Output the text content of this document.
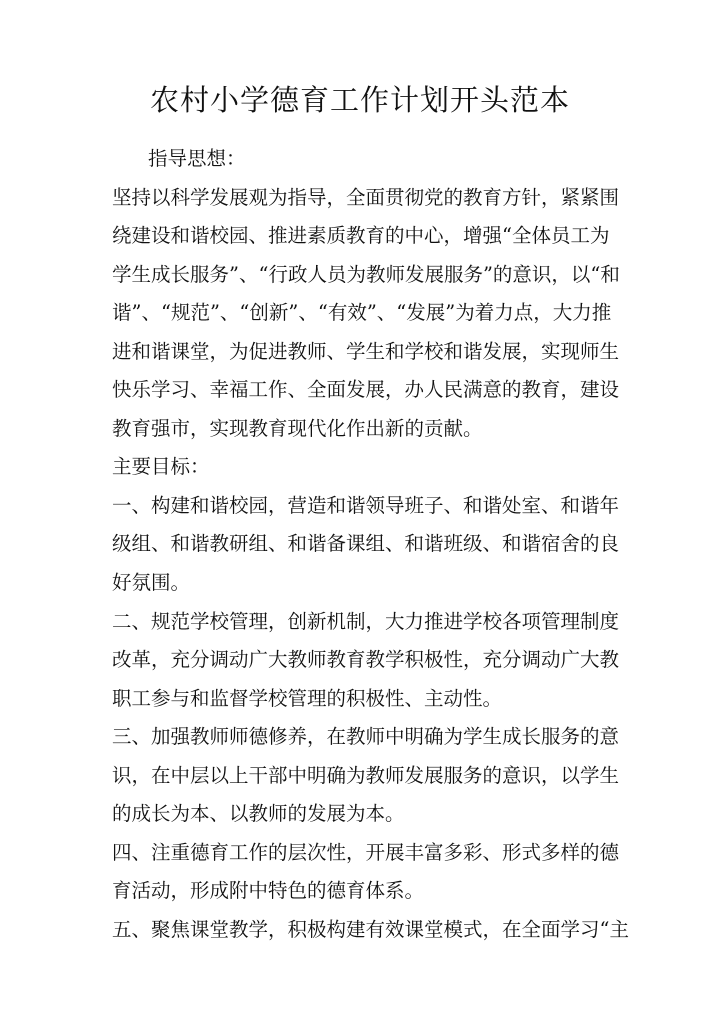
农村小学德育工作计划开头范本
指导思想：
坚持以科学发展观为指导，全面贯彻党的教育方针，紧紧围
绕建设和谐校园、推进素质教育的中心，增强“全体员工为
学生成长服务”、“行政人员为教师发展服务”的意识，以“和
谐”、“规范”、“创新”、“有效”、“发展”为着力点，大力推
进和谐课堂，为促进教师、学生和学校和谐发展，实现师生
快乐学习、幸福工作、全面发展，办人民满意的教育，建设
教育强市，实现教育现代化作出新的贡献。
主要目标：
一、构建和谐校园，营造和谐领导班子、和谐处室、和谐年
级组、和谐教研组、和谐备课组、和谐班级、和谐宿舍的良
好氛围。
二、规范学校管理，创新机制，大力推进学校各项管理制度
改革，充分调动广大教师教育教学积极性，充分调动广大教
职工参与和监督学校管理的积极性、主动性。
三、加强教师师德修养，在教师中明确为学生成长服务的意
识，在中层以上干部中明确为教师发展服务的意识，以学生
的成长为本、以教师的发展为本。
四、注重德育工作的层次性，开展丰富多彩、形式多样的德
育活动，形成附中特色的德育体系。
五、聚焦课堂教学，积极构建有效课堂模式，在全面学习“主
